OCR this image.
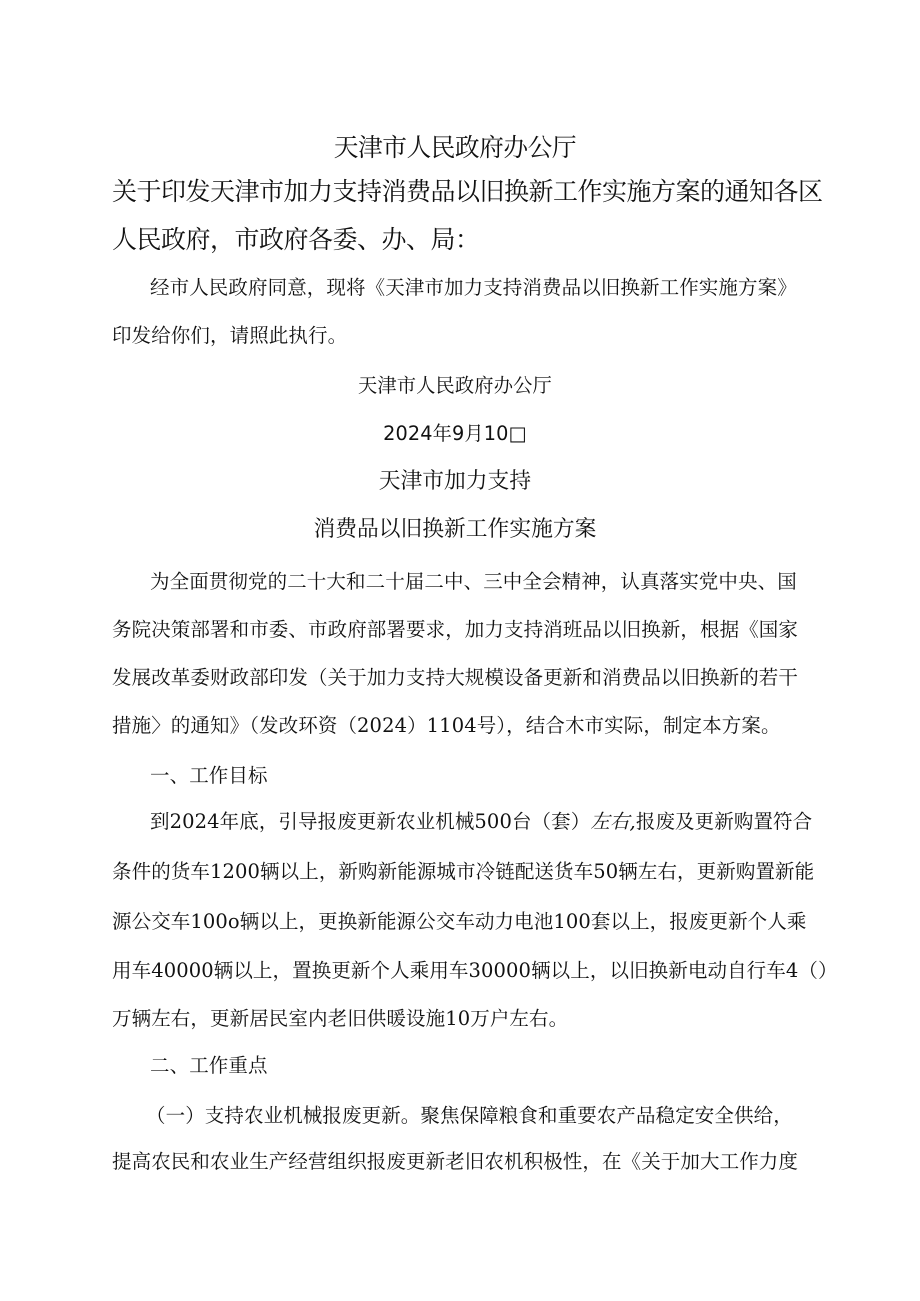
天津市人民政府办公厅

关于印发天津市加力支持消费品以旧换新工作实施方案的通知各区

人民政府，市政府各委、办、局：

经市人民政府同意，现将《天津市加力支持消费品以旧换新工作实施方案》

印发给你们，请照此执行。

天津市人民政府办公厅

2024年9月10□

天津市加力支持

消费品以旧换新工作实施方案

为全面贯彻党的二十大和二十届二中、三中全会精神，认真落实党中央、国

务院决策部署和市委、市政府部署要求，加力支持消班品以旧换新，根据《国家

发展改革委财政部印发（关于加力支持大规模设备更新和消费品以旧换新的若干

措施〉的通知》（发改环资（2024）1104号），结合木市实际，制定本方案。

一、工作目标

到2024年底，引导报废更新农业机械500台（套）左右,报废及更新购置符合

条件的货车1200辆以上，新购新能源城市冷链配送货车50辆左右，更新购置新能

源公交车100o辆以上，更换新能源公交车动力电池100套以上，报废更新个人乘

用车40000辆以上，置换更新个人乘用车30000辆以上，以旧换新电动自行车4（）

万辆左右，更新居民室内老旧供暖设施10万户左右。

二、工作重点

（一）支持农业机械报废更新。聚焦保障粮食和重要农产品稳定安全供给，

提高农民和农业生产经营组织报废更新老旧农机积极性，在《关于加大工作力度
